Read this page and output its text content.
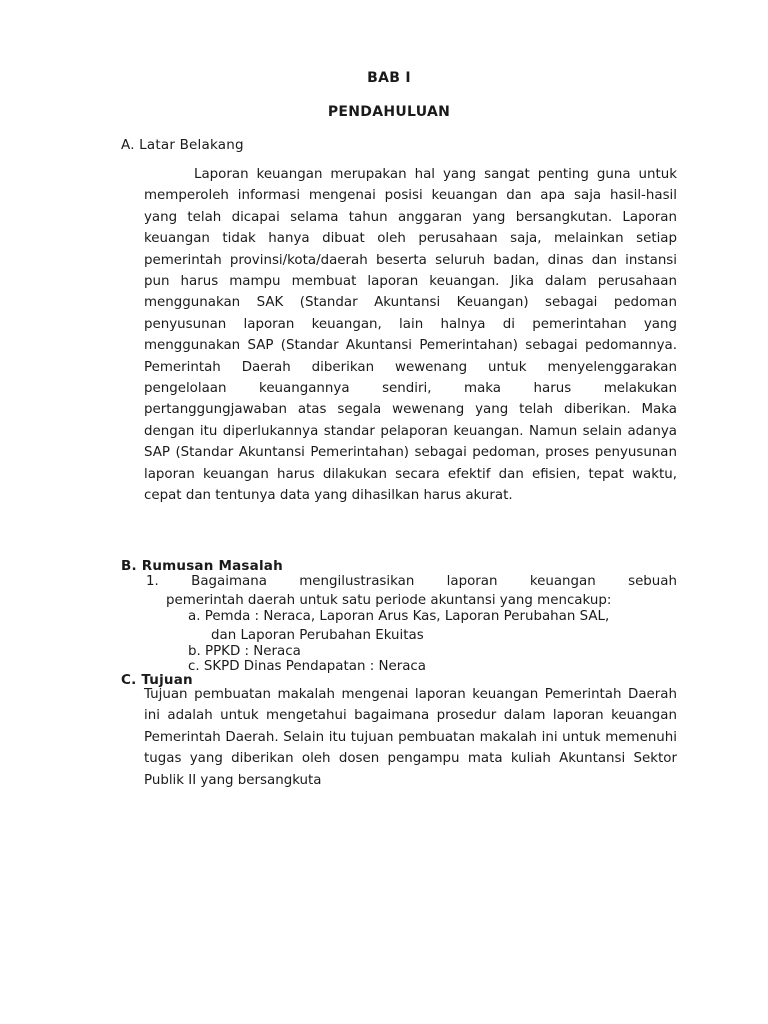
BAB I
PENDAHULUAN
A. Latar Belakang

Laporan keuangan merupakan hal yang sangat penting guna untuk memperoleh informasi mengenai posisi keuangan dan apa saja hasil-hasil yang telah dicapai selama tahun anggaran yang bersangkutan. Laporan keuangan tidak hanya dibuat oleh perusahaan saja, melainkan setiap pemerintah provinsi/kota/daerah beserta seluruh badan, dinas dan instansi pun harus mampu membuat laporan keuangan. Jika dalam perusahaan menggunakan SAK (Standar Akuntansi Keuangan) sebagai pedoman penyusunan laporan keuangan, lain halnya di pemerintahan yang menggunakan SAP (Standar Akuntansi Pemerintahan) sebagai pedomannya. Pemerintah Daerah diberikan wewenang untuk menyelenggarakan pengelolaan keuangannya sendiri, maka harus melakukan pertanggungjawaban atas segala wewenang yang telah diberikan. Maka dengan itu diperlukannya standar pelaporan keuangan. Namun selain adanya SAP (Standar Akuntansi Pemerintahan) sebagai pedoman, proses penyusunan laporan keuangan harus dilakukan secara efektif dan efisien, tepat waktu, cepat dan tentunya data yang dihasilkan harus akurat.

B. Rumusan Masalah
1. Bagaimana mengilustrasikan laporan keuangan sebuah
pemerintah daerah untuk satu periode akuntansi yang mencakup:
a. Pemda : Neraca, Laporan Arus Kas, Laporan Perubahan SAL,
dan Laporan Perubahan Ekuitas
b. PPKD : Neraca
c. SKPD Dinas Pendapatan : Neraca
C. Tujuan

Tujuan pembuatan makalah mengenai laporan keuangan Pemerintah Daerah ini adalah untuk mengetahui bagaimana prosedur dalam laporan keuangan Pemerintah Daerah. Selain itu tujuan pembuatan makalah ini untuk memenuhi tugas yang diberikan oleh dosen pengampu mata kuliah Akuntansi Sektor Publik II yang bersangkuta
